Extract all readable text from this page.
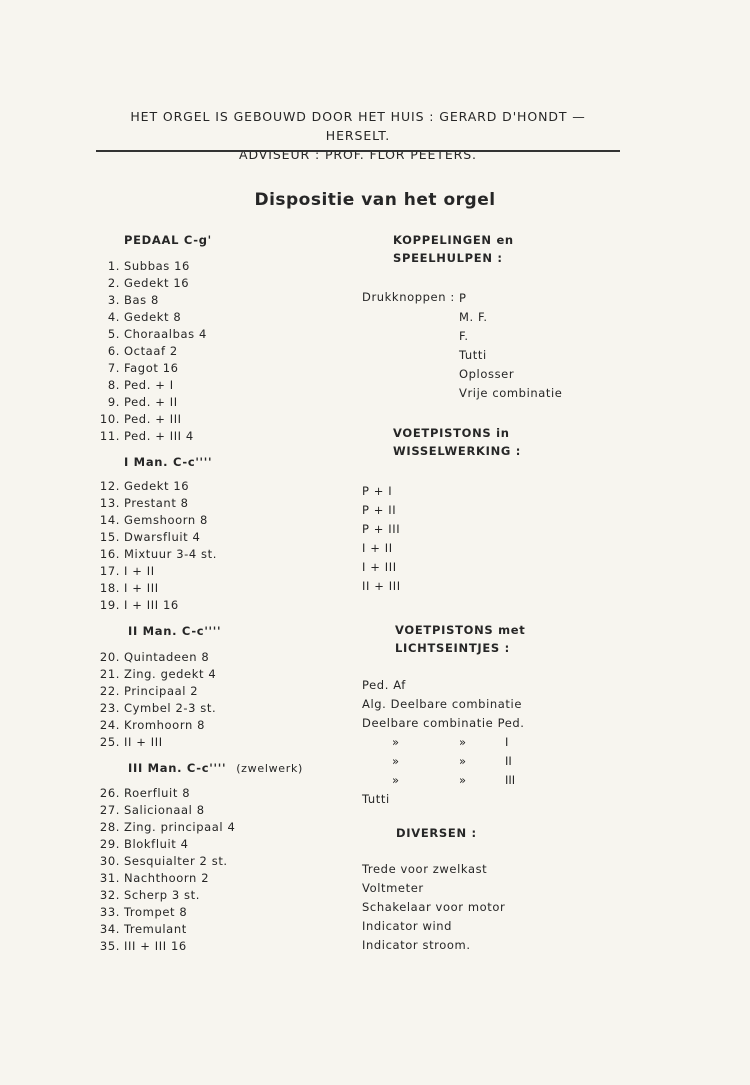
HET ORGEL IS GEBOUWD DOOR HET HUIS : GERARD D'HONDT — HERSELT.
ADVISEUR : PROF. FLOR PEETERS.
Dispositie van het orgel
PEDAAL C-g'
1. Subbas 16
2. Gedekt 16
3. Bas 8
4. Gedekt 8
5. Choraalbas 4
6. Octaaf 2
7. Fagot 16
8. Ped. + I
9. Ped. + II
10. Ped. + III
11. Ped. + III 4
I Man. C-c''''
12. Gedekt 16
13. Prestant 8
14. Gemshoorn 8
15. Dwarsfluit 4
16. Mixtuur 3-4 st.
17. I + II
18. I + III
19. I + III 16
II Man. C-c''''
20. Quintadeen 8
21. Zing. gedekt 4
22. Principaal 2
23. Cymbel 2-3 st.
24. Kromhoorn 8
25. II + III
III Man. C-c'''' (zwelwerk)
26. Roerfluit 8
27. Salicionaal 8
28. Zing. principaal 4
29. Blokfluit 4
30. Sesquialter 2 st.
31. Nachthoorn 2
32. Scherp 3 st.
33. Trompet 8
34. Tremulant
35. III + III 16
KOPPELINGEN en
SPEELHULPEN :
Drukknoppen : P
M. F.
F.
Tutti
Oplosser
Vrije combinatie
VOETPISTONS in
WISSELWERKING :
P + I
P + II
P + III
I + II
I + III
II + III
VOETPISTONS met
LICHTSEINTJES :
Ped. Af
Alg. Deelbare combinatie
Deelbare combinatie Ped.
»	»	I
»	»	II
»	»	III
Tutti
DIVERSEN :
Trede voor zwelkast
Voltmeter
Schakelaar voor motor
Indicator wind
Indicator stroom.
